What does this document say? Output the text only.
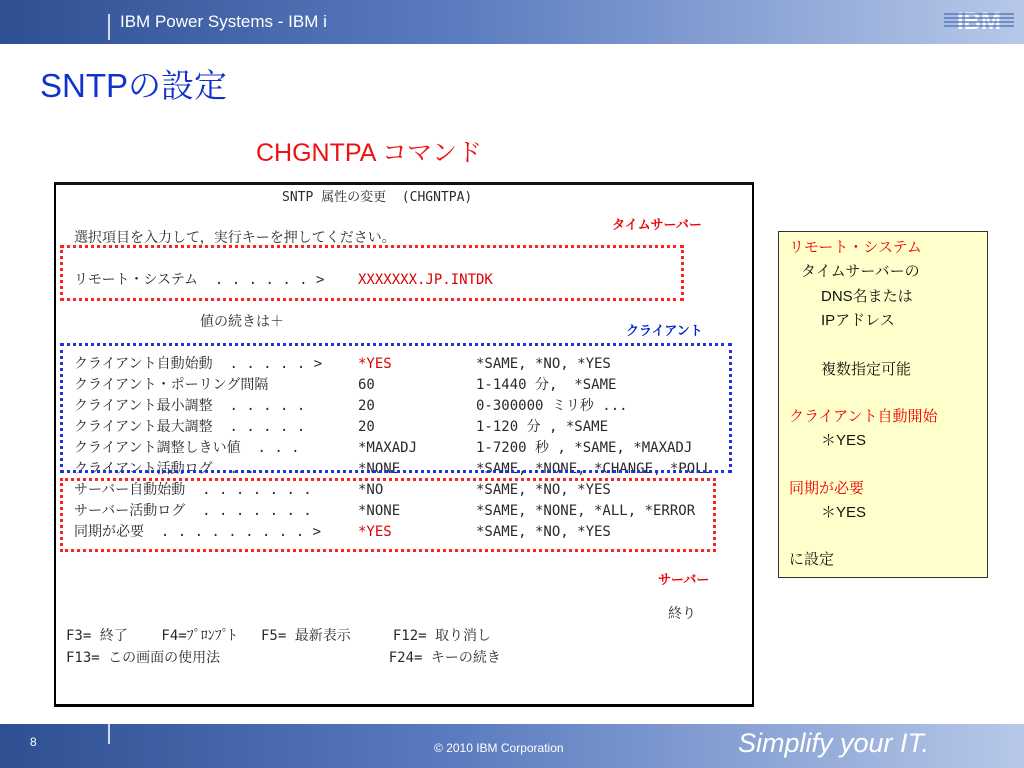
IBM Power Systems - IBM i	IBM
SNTPの設定
CHGNTPA コマンド
SNTP 属性の変更  (CHGNTPA)
選択項目を入力して，実行キーを押してください。
リモート・システム  . . . . . . > XXXXXXX.JP.INTDK
値の続きは＋
クライアント自動始動  . . . . . >	*YES	*SAME, *NO, *YES
クライアント・ポーリング間隔	60	1-1440 分,  *SAME
クライアント最小調整  . . . . .	20	0-300000 ミリ秒 ...
クライアント最大調整  . . . . .	20	1-120 分 , *SAME
クライアント調整しきい値  . . .	*MAXADJ	1-7200 秒 , *SAME, *MAXADJ
クライアント活動ログ  . . . . .	*NONE	*SAME, *NONE, *CHANGE, *POLL
サーバー自動始動  . . . . . . .	*NO	*SAME, *NO, *YES
サーバー活動ログ  . . . . . . .	*NONE	*SAME, *NONE, *ALL, *ERROR
同期が必要  . . . . . . . . . >	*YES	*SAME, *NO, *YES
終り
F3= 終了    F4=ﾌﾟﾛﾝﾌﾟﾄ   F5= 最新表示     F12= 取り消し
F13= この画面の使用法                    F24= キーの続き
タイムサーバー
クライアント
サーバー
リモート・システム
タイムサーバーの
DNS名または
IPアドレス
複数指定可能
クライアント自動開始
＊YES
同期が必要
＊YES
に設定
8	© 2010 IBM Corporation	Simplify your IT.
